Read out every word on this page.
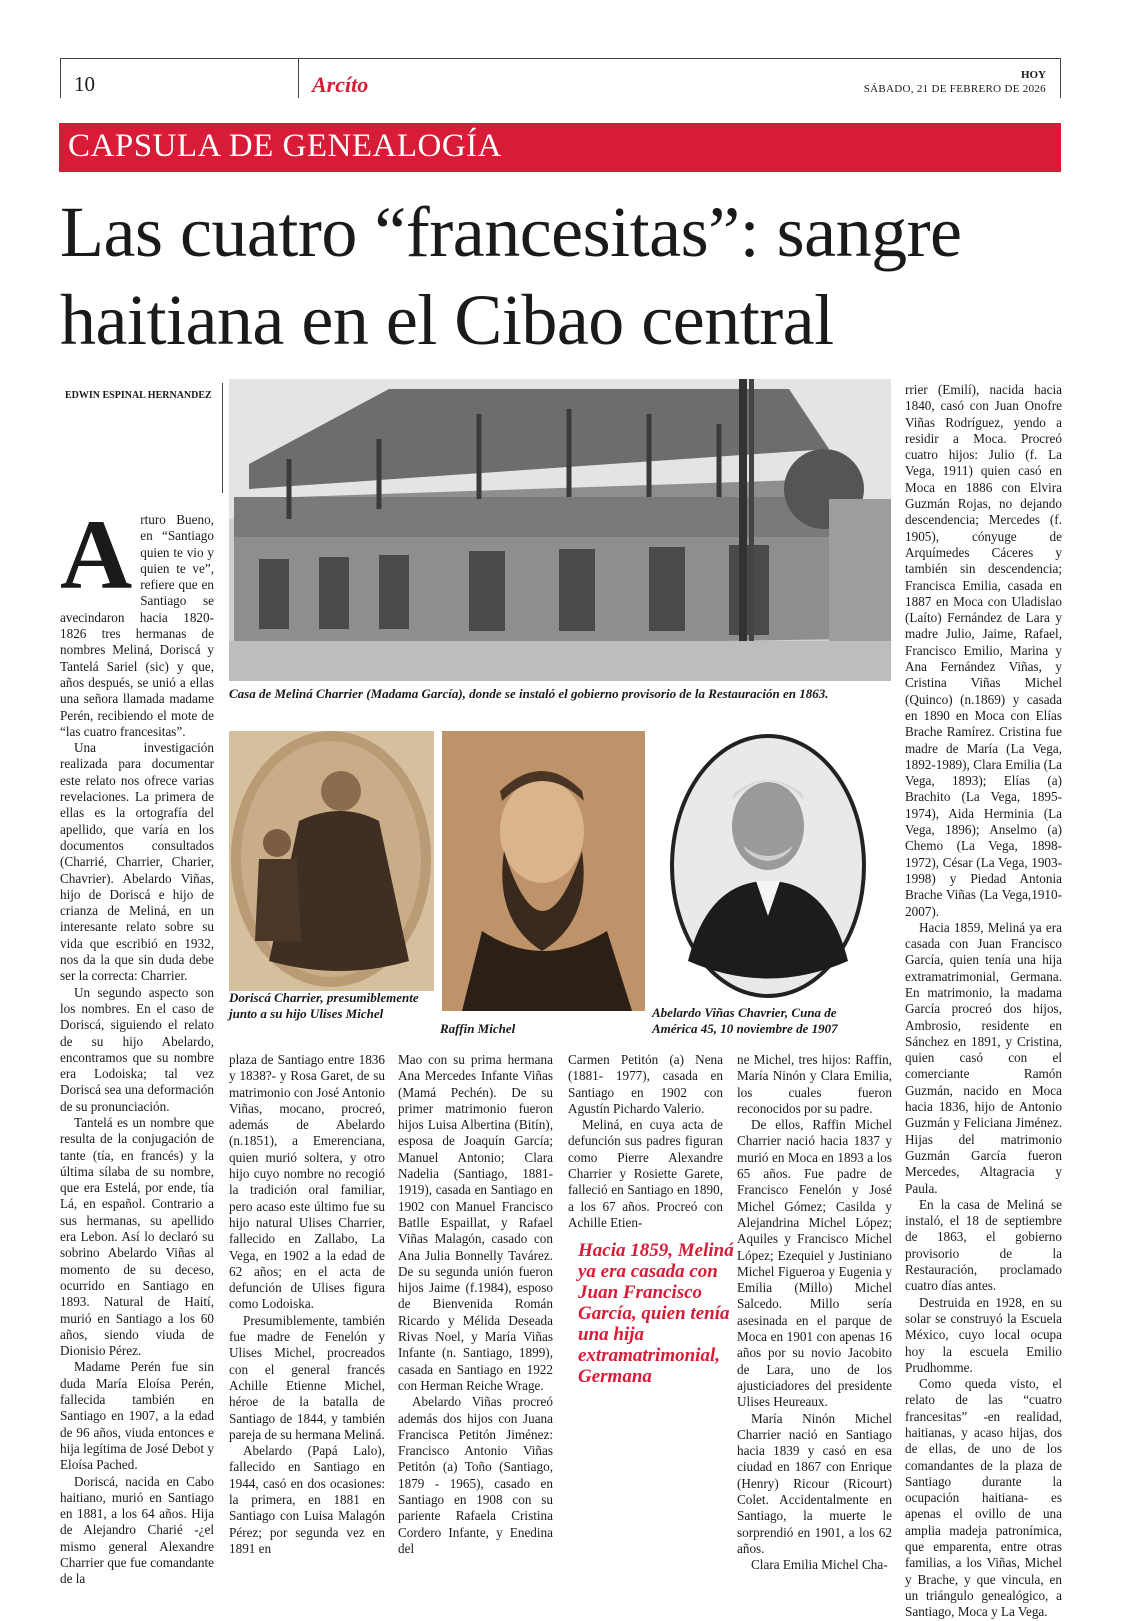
10	Arcíto	HOY
SÁBADO, 21 DE FEBRERO DE 2026
CAPSULA DE GENEALOGÍA
Las cuatro “francesitas”: sangre haitiana en el Cibao central
EDWIN ESPINAL HERNANDEZ
Casa de Meliná Charrier (Madama García), donde se instaló el gobierno provisorio de la Restauración en 1863.
Doriscá Charrier, presumiblemente junto a su hijo Ulises Michel
Raffin Michel
Abelardo Viñas Chavrier, Cuna de América 45, 10 noviembre de 1907
A rturo Bueno, en “Santiago quien te vio y quien te ve”, refiere que en Santiago se avecindaron hacia 1820-1826 tres hermanas de nombres Meliná, Doriscá y Tantelá Sariel (sic) y que, años después, se unió a ellas una señora llamada madame Perén, recibiendo el mote de “las cuatro francesitas”.

Una investigación realizada para documentar este relato nos ofrece varias revelaciones. La primera de ellas es la ortografía del apellido, que varía en los documentos consultados (Charrié, Charrier, Charier, Chavrier). Abelardo Viñas, hijo de Doriscá e hijo de crianza de Meliná, en un interesante relato sobre su vida que escribió en 1932, nos da la que sin duda debe ser la correcta: Charrier.

Un segundo aspecto son los nombres. En el caso de Doriscá, siguiendo el relato de su hijo Abelardo, encontramos que su nombre era Lodoiska; tal vez Doriscá sea una deformación de su pronunciación.

Tantelá es un nombre que resulta de la conjugación de tante (tía, en francés) y la última sílaba de su nombre, que era Estelá, por ende, tía Lá, en español. Contrario a sus hermanas, su apellido era Lebon. Así lo declaró su sobrino Abelardo Viñas al momento de su deceso, ocurrido en Santiago en 1893. Natural de Haití, murió en Santiago a los 60 años, siendo viuda de Dionisio Pérez.

Madame Perén fue sin duda María Eloísa Perén, fallecida también en Santiago en 1907, a la edad de 96 años, viuda entonces e hija legítima de José Debot y Eloísa Pached.

Doriscá, nacida en Cabo haitiano, murió en Santiago en 1881, a los 64 años. Hija de Alejandro Charié -¿el mismo general Alexandre Charrier que fue comandante de la

plaza de Santiago entre 1836 y 1838?- y Rosa Garet, de su matrimonio con José Antonio Viñas, mocano, procreó, además de Abelardo (n.1851), a Emerenciana, quien murió soltera, y otro hijo cuyo nombre no recogió la tradición oral familiar, pero acaso este último fue su hijo natural Ulises Charrier, fallecido en Zallabo, La Vega, en 1902 a la edad de 62 años; en el acta de defunción de Ulises figura como Lodoiska.

Presumiblemente, también fue madre de Fenelón y Ulises Michel, procreados con el general francés Achille Etienne Michel, héroe de la batalla de Santiago de 1844, y también pareja de su hermana Meliná.

Abelardo (Papá Lalo), fallecido en Santiago en 1944, casó en dos ocasiones: la primera, en 1881 en Santiago con Luisa Malagón Pérez; por segunda vez en 1891 en

Mao con su prima hermana Ana Mercedes Infante Viñas (Mamá Pechén). De su primer matrimonio fueron hijos Luisa Albertina (Bitín), esposa de Joaquín García; Manuel Antonio; Clara Nadelia (Santiago, 1881- 1919), casada en Santiago en 1902 con Manuel Francisco Batlle Espaillat, y Rafael Viñas Malagón, casado con Ana Julia Bonnelly Tavárez. De su segunda unión fueron hijos Jaime (f.1984), esposo de Bienvenida Román Ricardo y Mélida Deseada Rivas Noel, y María Viñas Infante (n. Santiago, 1899), casada en Santiago en 1922 con Herman Reiche Wrage.

Abelardo Viñas procreó además dos hijos con Juana Francisca Petitón Jiménez: Francisco Antonio Viñas Petitón (a) Toño (Santiago, 1879 - 1965), casado en Santiago en 1908 con su pariente Rafaela Cristina Cordero Infante, y Enedina del

Carmen Petitón (a) Nena (1881- 1977), casada en Santiago en 1902 con Agustín Pichardo Valerio.

Meliná, en cuya acta de defunción sus padres figuran como Pierre Alexandre Charrier y Rosiette Garete, falleció en Santiago en 1890, a los 67 años. Procreó con Achille Etien-

Hacia 1859, Meliná ya era casada con Juan Francisco García, quien tenía una hija extramatrimonial, Germana

ne Michel, tres hijos: Raffin, María Ninón y Clara Emilia, los cuales fueron reconocidos por su padre.

De ellos, Raffin Michel Charrier nació hacia 1837 y murió en Moca en 1893 a los 65 años. Fue padre de Francisco Fenelón y José Michel Gómez; Casilda y Alejandrina Michel López; Aquiles y Francisco Michel López; Ezequiel y Justiniano Michel Figueroa y Eugenia y Emilia (Millo) Michel Salcedo. Millo sería asesinada en el parque de Moca en 1901 con apenas 16 años por su novio Jacobito de Lara, uno de los ajusticiadores del presidente Ulises Heureaux.

María Ninón Michel Charrier nació en Santiago hacia 1839 y casó en esa ciudad en 1867 con Enrique (Henry) Ricour (Ricourt) Colet. Accidentalmente en Santiago, la muerte le sorprendió en 1901, a los 62 años.

Clara Emilia Michel Cha-

rrier (Emilí), nacida hacia 1840, casó con Juan Onofre Viñas Rodríguez, yendo a residir a Moca. Procreó cuatro hijos: Julio (f. La Vega, 1911) quien casó en Moca en 1886 con Elvira Guzmán Rojas, no dejando descendencia; Mercedes (f. 1905), cónyuge de Arquímedes Cáceres y también sin descendencia; Francisca Emilia, casada en 1887 en Moca con Uladislao (Laíto) Fernández de Lara y madre Julio, Jaime, Rafael, Francisco Emilio, Marina y Ana Fernández Viñas, y Cristina Viñas Michel (Quinco) (n.1869) y casada en 1890 en Moca con Elías Brache Ramírez. Cristina fue madre de María (La Vega, 1892-1989), Clara Emilia (La Vega, 1893); Elías (a) Brachito (La Vega, 1895-1974), Aida Herminia (La Vega, 1896); Anselmo (a) Chemo (La Vega, 1898-1972), César (La Vega, 1903-1998) y Piedad Antonia Brache Viñas (La Vega,1910-2007).

Hacia 1859, Meliná ya era casada con Juan Francisco García, quien tenía una hija extramatrimonial, Germana. En matrimonio, la madama García procreó dos hijos, Ambrosio, residente en Sánchez en 1891, y Cristina, quien casó con el comerciante Ramón Guzmán, nacido en Moca hacia 1836, hijo de Antonio Guzmán y Feliciana Jiménez. Hijas del matrimonio Guzmán García fueron Mercedes, Altagracia y Paula.

En la casa de Meliná se instaló, el 18 de septiembre de 1863, el gobierno provisorio de la Restauración, proclamado cuatro días antes.

Destruida en 1928, en su solar se construyó la Escuela México, cuyo local ocupa hoy la escuela Emilio Prudhomme.

Como queda visto, el relato de las “cuatro francesitas” -en realidad, haitianas, y acaso hijas, dos de ellas, de uno de los comandantes de la plaza de Santiago durante la ocupación haitiana- es apenas el ovillo de una amplia madeja patronímica, que emparenta, entre otras familias, a los Viñas, Michel y Brache, y que vincula, en un triángulo genealógico, a Santiago, Moca y La Vega.
